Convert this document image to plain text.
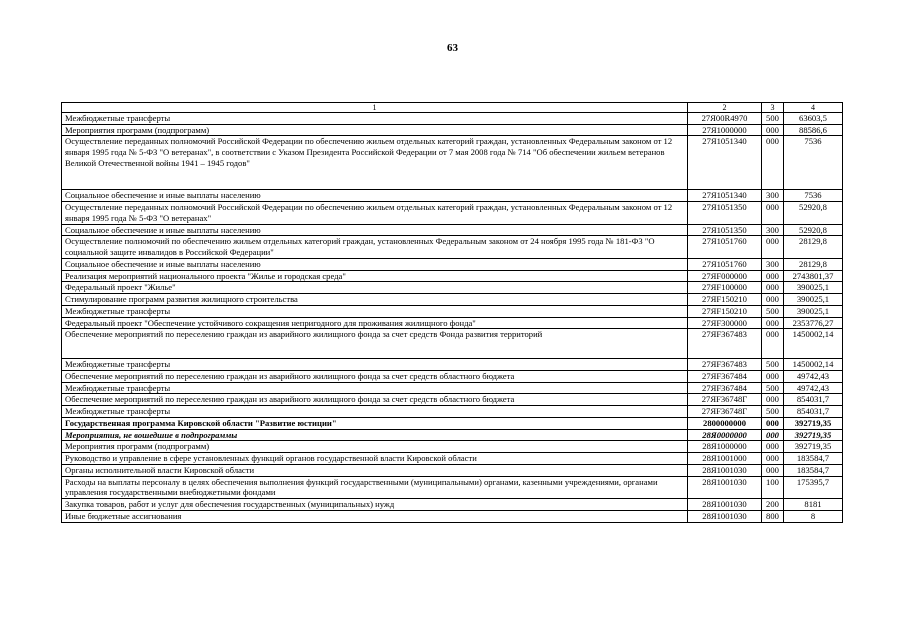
63
1	2	3	4
Межбюджетные трансферты	27Я00R4970	500	63603,5
Мероприятия программ (подпрограмм)	27Я1000000	000	88586,6
Осуществление переданных полномочий Российской Федерации по обеспечению жильем отдельных категорий граждан, установленных Федеральным законом от 12 января 1995 года № 5-ФЗ "О ветеранах", в соответствии с Указом Президента Российской Федерации от 7 мая 2008 года № 714 "Об обеспечении жильем ветеранов Великой Отечественной войны 1941 – 1945 годов"	27Я1051340	000	7536
Социальное обеспечение и иные выплаты населению	27Я1051340	300	7536
Осуществление переданных полномочий Российской Федерации по обеспечению жильем отдельных категорий граждан, установленных Федеральным законом от 12 января 1995 года № 5-ФЗ "О ветеранах"	27Я1051350	000	52920,8
Социальное обеспечение и иные выплаты населению	27Я1051350	300	52920,8
Осуществление полномочий по обеспечению жильем отдельных категорий граждан, установленных Федеральным законом от 24 ноября 1995 года № 181-ФЗ "О социальной защите инвалидов в Российской Федерации"	27Я1051760	000	28129,8
Социальное обеспечение и иные выплаты населению	27Я1051760	300	28129,8
Реализация мероприятий национального проекта "Жилье и городская среда"	27ЯF000000	000	2743801,37
Федеральный проект "Жилье"	27ЯF100000	000	390025,1
Стимулирование программ развития жилищного строительства	27ЯF150210	000	390025,1
Межбюджетные трансферты	27ЯF150210	500	390025,1
Федеральный проект "Обеспечение устойчивого сокращения непригодного для проживания жилищного фонда"	27ЯF300000	000	2353776,27
Обеспечение мероприятий по переселению граждан из аварийного жилищного фонда за счет средств Фонда развития территорий	27ЯF367483	000	1450002,14
Межбюджетные трансферты	27ЯF367483	500	1450002,14
Обеспечение мероприятий по переселению граждан из аварийного жилищного фонда за счет средств областного бюджета	27ЯF367484	000	49742,43
Межбюджетные трансферты	27ЯF367484	500	49742,43
Обеспечение мероприятий по переселению граждан из аварийного жилищного фонда за счет средств областного бюджета	27ЯF36748Г	000	854031,7
Межбюджетные трансферты	27ЯF36748Г	500	854031,7
Государственная программа Кировской области "Развитие юстиции"	2800000000	000	392719,35
Мероприятия, не вошедшие в подпрограммы	28Я0000000	000	392719,35
Мероприятия программ (подпрограмм)	28Я1000000	000	392719,35
Руководство и управление в сфере установленных функций органов государственной власти Кировской области	28Я1001000	000	183584,7
Органы исполнительной власти Кировской области	28Я1001030	000	183584,7
Расходы на выплаты персоналу в целях обеспечения выполнения функций государственными (муниципальными) органами, казенными учреждениями, органами управления государственными внебюджетными фондами	28Я1001030	100	175395,7
Закупка товаров, работ и услуг для обеспечения государственных (муниципальных) нужд	28Я1001030	200	8181
Иные бюджетные ассигнования	28Я1001030	800	8
